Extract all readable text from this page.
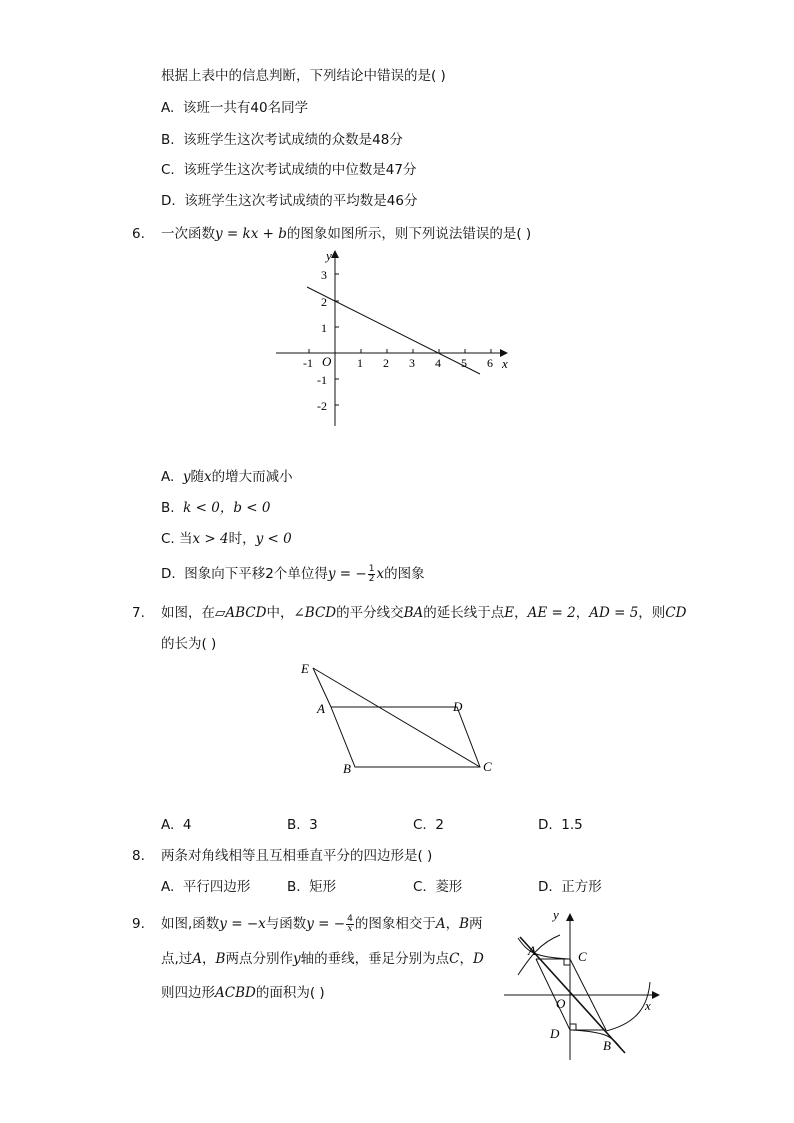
根据上表中的信息判断，下列结论中错误的是( )
A. 该班一共有40名同学
B. 该班学生这次考试成绩的众数是48分
C. 该班学生这次考试成绩的中位数是47分
D. 该班学生这次考试成绩的平均数是46分
6. 一次函数y = kx + b的图象如图所示，则下列说法错误的是( )
y
x
O
-1	1 2 3 4 5 6
3
2
1
-1
-2
A. y随x的增大而减小
B. k < 0，b < 0
C. 当x > 4时，y < 0
D. 图象向下平移2个单位得y = − $\frac{1}{2}$ x的图象
7. 如图，在▱ABCD中，∠BCD的平分线交BA的延长线于点E，AE = 2，AD = 5，则CD
的长为( )
E
A	D
B	C
A. 4	B. 3	C. 2	D. 1.5
8. 两条对角线相等且互相垂直平分的四边形是( )
A. 平行四边形	B. 矩形	C. 菱形	D. 正方形
9. 如图,函数y = −x与函数y = − $\frac{4}{x}$ 的图象相交于A，B两
点,过A，B两点分别作y轴的垂线，垂足分别为点C，D
则四边形ACBD的面积为( )
y
x
A	C
O
D
B
